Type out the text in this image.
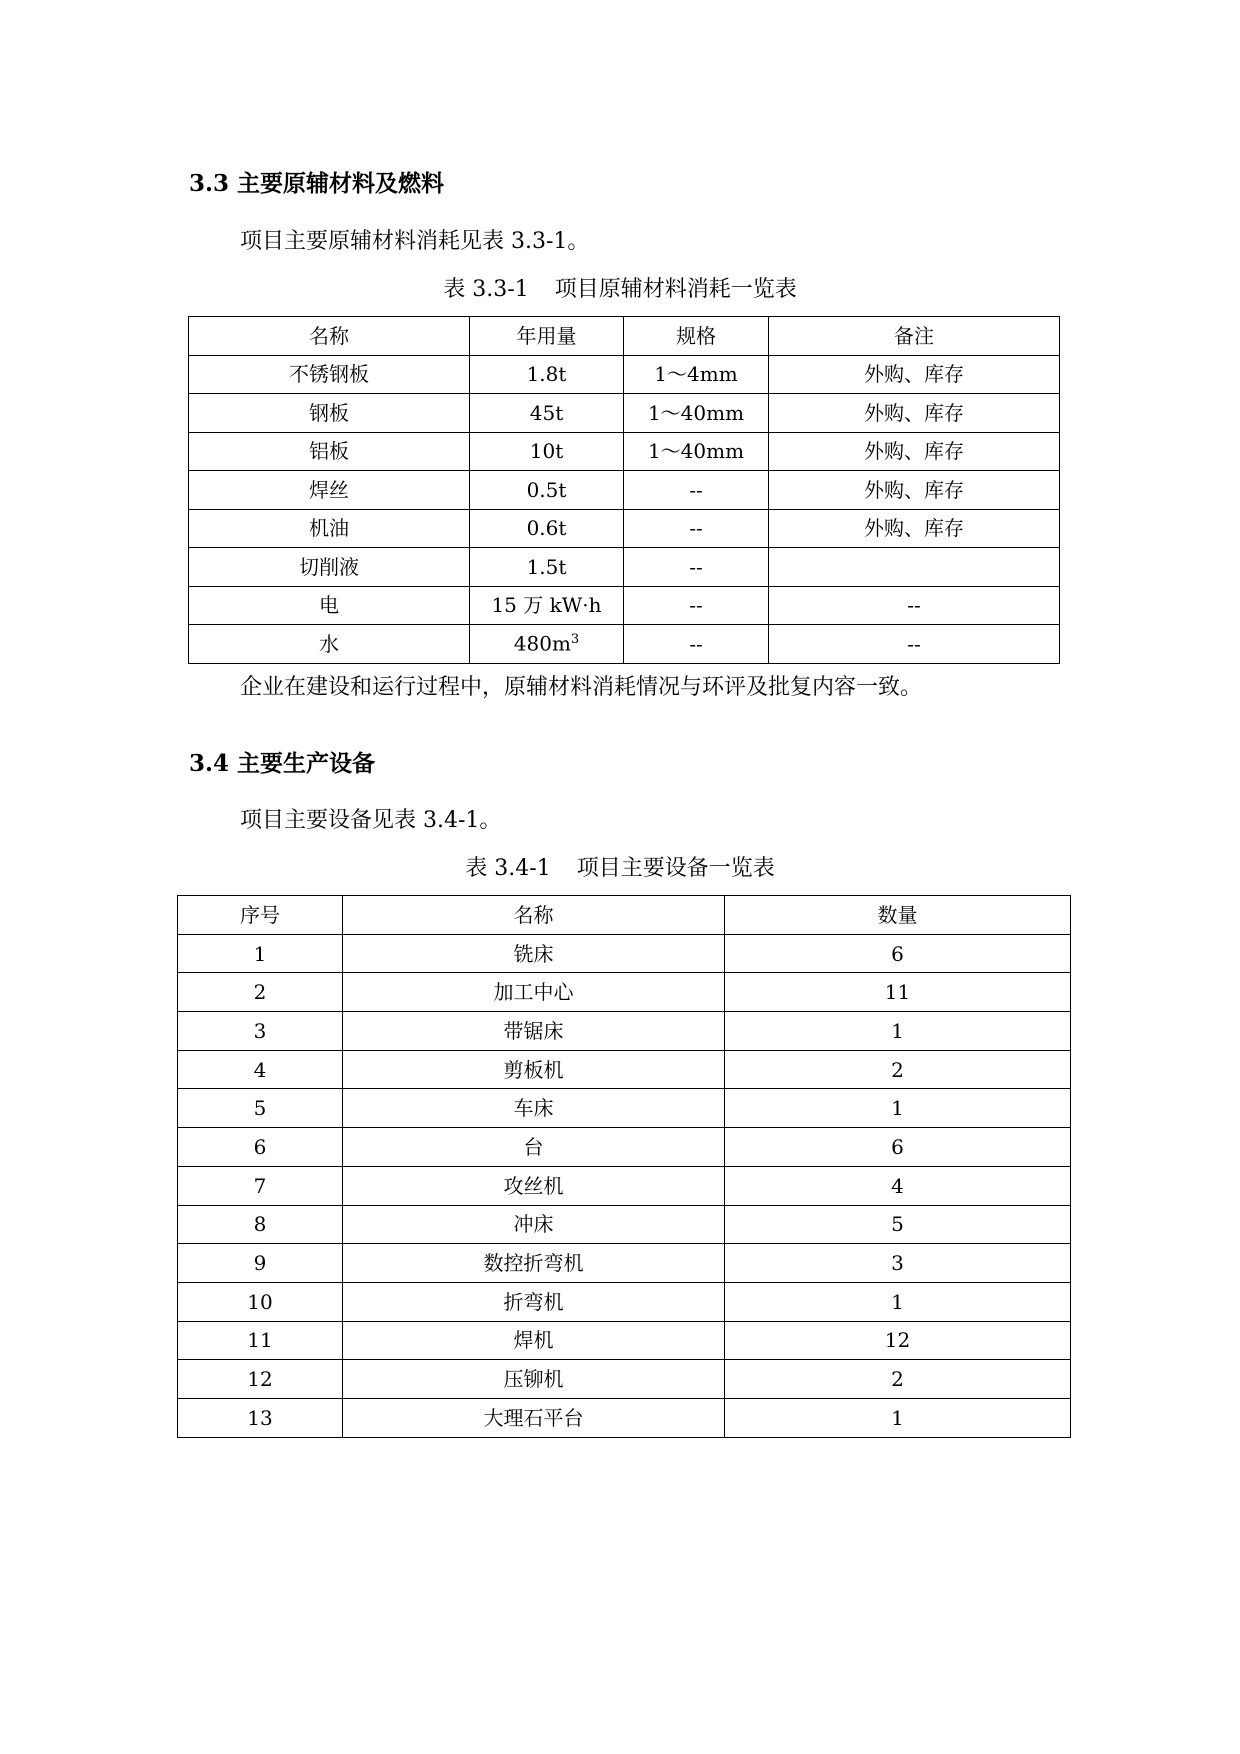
3.3 主要原辅材料及燃料

项目主要原辅材料消耗见表 3.3-1。

表 3.3-1 项目原辅材料消耗一览表

名称	年用量	规格	备注
不锈钢板	1.8t	1～4mm	外购、库存
钢板	45t	1～40mm	外购、库存
铝板	10t	1～40mm	外购、库存
焊丝	0.5t	--	外购、库存
机油	0.6t	--	外购、库存
切削液	1.5t	--	
电	15 万 kW·h	--	--
水	$480m^3$	--	--

企业在建设和运行过程中，原辅材料消耗情况与环评及批复内容一致。

3.4 主要生产设备

项目主要设备见表 3.4-1。

表 3.4-1 项目主要设备一览表

序号	名称	数量
1	铣床	6
2	加工中心	11
3	带锯床	1
4	剪板机	2
5	车床	1
6	台	6
7	攻丝机	4
8	冲床	5
9	数控折弯机	3
10	折弯机	1
11	焊机	12
12	压铆机	2
13	大理石平台	1
